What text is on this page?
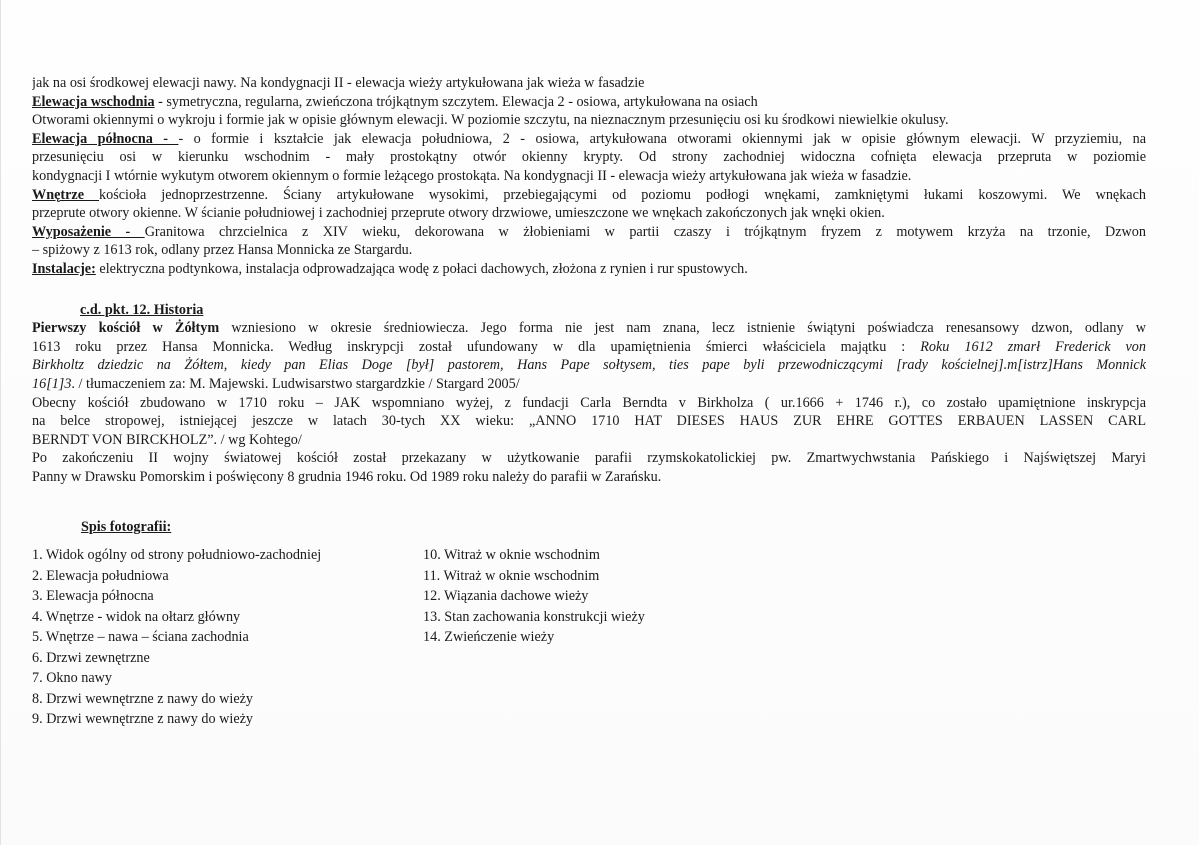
jak na osi środkowej elewacji nawy. Na kondygnacji II - elewacja wieży artykułowana jak wieża w fasadzie
Elewacja wschodnia - symetryczna, regularna, zwieńczona trójkątnym szczytem. Elewacja 2 - osiowa, artykułowana na osiach
Otworami okiennymi o wykroju i formie jak w opisie głównym elewacji. W poziomie szczytu, na nieznacznym przesunięciu osi ku środkowi niewielkie okulusy.
Elewacja północna - - o formie i kształcie jak elewacja południowa, 2 - osiowa, artykułowana otworami okiennymi jak w opisie głównym elewacji. W przyziemiu, na
przesunięciu osi w kierunku wschodnim - mały prostokątny otwór okienny krypty. Od strony zachodniej widoczna cofnięta elewacja przepruta w poziomie
kondygnacji I wtórnie wykutym otworem okiennym o formie leżącego prostokąta. Na kondygnacji II - elewacja wieży artykułowana jak wieża w fasadzie.
Wnętrze kościoła jednoprzestrzenne. Ściany artykułowane wysokimi, przebiegającymi od poziomu podłogi wnękami, zamkniętymi łukami koszowymi. We wnękach
przeprute otwory okienne. W ścianie południowej i zachodniej przeprute otwory drzwiowe, umieszczone we wnękach zakończonych jak wnęki okien.
Wyposażenie - Granitowa chrzcielnica z XIV wieku, dekorowana w żłobieniami w partii czaszy i trójkątnym fryzem z motywem krzyża na trzonie, Dzwon
– spiżowy z 1613 rok, odlany przez Hansa Monnicka ze Stargardu.
Instalacje: elektryczna podtynkowa, instalacja odprowadzająca wodę z połaci dachowych, złożona z rynien i rur spustowych.
c.d. pkt. 12. Historia
Pierwszy kościół w Żółtym wzniesiono w okresie średniowiecza. Jego forma nie jest nam znana, lecz istnienie świątyni poświadcza renesansowy dzwon, odlany w
1613 roku przez Hansa Monnicka. Według inskrypcji został ufundowany w dla upamiętnienia śmierci właściciela majątku : Roku 1612 zmarł Frederick von
Birkholtz dziedzic na Żółtem, kiedy pan Elias Doge [był] pastorem, Hans Pape sołtysem, ties pape byli przewodniczącymi [rady kościelnej].m[istrz]Hans Monnick
16[1]3. / tłumaczeniem za: M. Majewski. Ludwisarstwo stargardzkie / Stargard 2005/
Obecny kościół zbudowano w 1710 roku – JAK wspomniano wyżej, z fundacji Carla Berndta v Birkholza ( ur.1666 + 1746 r.), co zostało upamiętnione inskrypcja
na belce stropowej, istniejącej jeszcze w latach 30-tych XX wieku: „ANNO 1710 HAT DIESES HAUS ZUR EHRE GOTTES ERBAUEN LASSEN CARL
BERNDT VON BIRCKHOLZ”. / wg Kohtego/
Po zakończeniu II wojny światowej kościół został przekazany w użytkowanie parafii rzymskokatolickiej pw. Zmartwychwstania Pańskiego i Najświętszej Maryi
Panny w Drawsku Pomorskim i poświęcony 8 grudnia 1946 roku. Od 1989 roku należy do parafii w Zarańsku.
Spis fotografii:
1. Widok ogólny od strony południowo-zachodniej
2. Elewacja południowa
3. Elewacja północna
4. Wnętrze - widok na ołtarz główny
5. Wnętrze – nawa – ściana zachodnia
6. Drzwi zewnętrzne
7. Okno nawy
8. Drzwi wewnętrzne z nawy do wieży
9. Drzwi wewnętrzne z nawy do wieży
10. Witraż w oknie wschodnim
11. Witraż w oknie wschodnim
12. Wiązania dachowe wieży
13. Stan zachowania konstrukcji wieży
14. Zwieńczenie wieży
